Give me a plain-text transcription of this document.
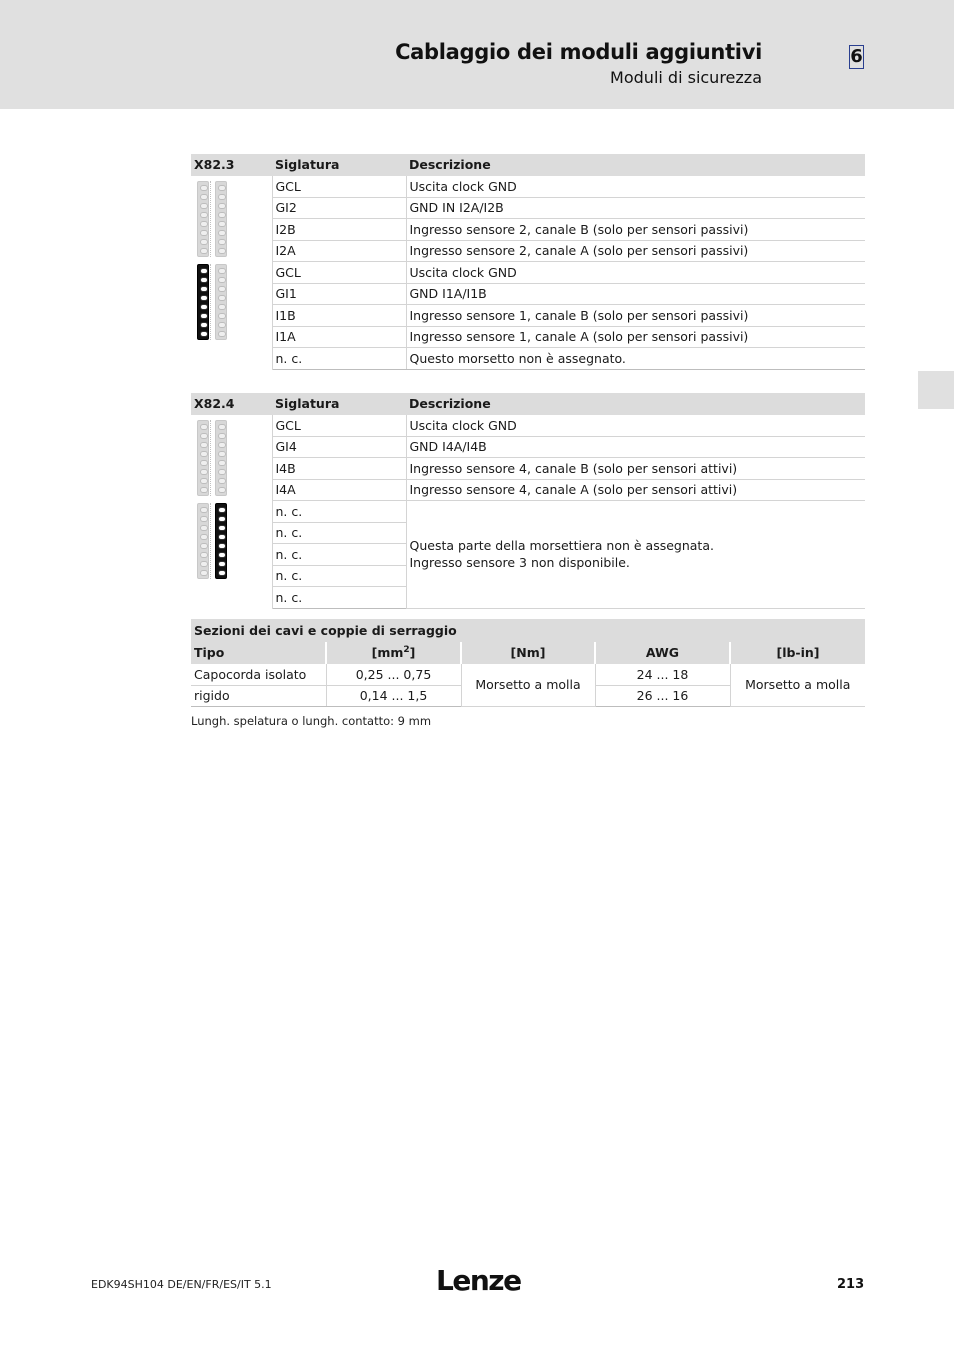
Cablaggio dei moduli aggiuntivi
Moduli di sicurezza
6
X82.3	Siglatura	Descrizione

	GCL	Uscita clock GND
	GI2	GND IN I2A/I2B
	I2B	Ingresso sensore 2, canale B (solo per sensori passivi)
	I2A	Ingresso sensore 2, canale A (solo per sensori passivi)

	GCL	Uscita clock GND
	GI1	GND I1A/I1B
	I1B	Ingresso sensore 1, canale B (solo per sensori passivi)
	I1A	Ingresso sensore 1, canale A (solo per sensori passivi)
	n. c.	Questo morsetto non è assegnato.
X82.4	Siglatura	Descrizione

	GCL	Uscita clock GND
	GI4	GND I4A/I4B
	I4B	Ingresso sensore 4, canale B (solo per sensori attivi)
	I4A	Ingresso sensore 4, canale A (solo per sensori attivi)

	n. c.	Questa parte della morsettiera non è assegnata.
Ingresso sensore 3 non disponibile.

	n. c.	
	n. c.	
	n. c.	
	n. c.	
Sezioni dei cavi e coppie di serraggio				
Tipo	$[mm^2]$	[Nm]	AWG	[lb-in]
Capocorda isolato	0,25 ... 0,75	Morsetto a molla	24 ... 18	Morsetto a molla
rigido	0,14 ... 1,5		26 ... 16	
Lungh. spelatura o lungh. contatto: 9 mm
EDK94SH104 DE/EN/FR/ES/IT 5.1	Lenze	213
